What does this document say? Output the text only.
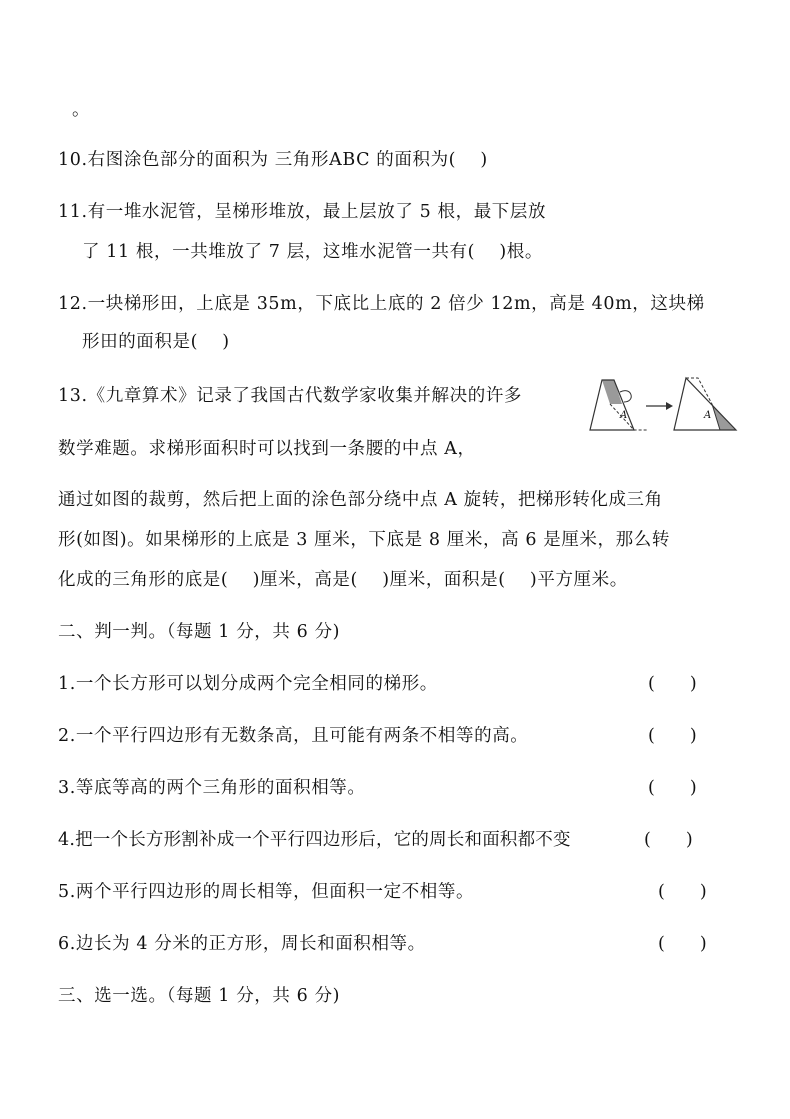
。
10.右图涂色部分的面积为 三角形ABC 的面积为(　 )
11.有一堆水泥管，呈梯形堆放，最上层放了 5 根，最下层放
了 11 根，一共堆放了 7 层，这堆水泥管一共有(　 )根。
12.一块梯形田，上底是 35m，下底比上底的 2 倍少 12m，高是 40m，这块梯
形田的面积是(　 )
13.《九章算术》记录了我国古代数学家收集并解决的许多
数学难题。求梯形面积时可以找到一条腰的中点 A，
通过如图的裁剪，然后把上面的涂色部分绕中点 A 旋转，把梯形转化成三角
形(如图)。如果梯形的上底是 3 厘米，下底是 8 厘米，高 6 是厘米，那么转
化成的三角形的底是(　 )厘米，高是(　 )厘米，面积是(　 )平方厘米。
A	A
二、判一判。（每题 1 分，共 6 分)
1.一个长方形可以划分成两个完全相同的梯形。	(　　)
2.一个平行四边形有无数条高，且可能有两条不相等的高。	(　　)
3.等底等高的两个三角形的面积相等。	(　　)
4.把一个长方形割补成一个平行四边形后，它的周长和面积都不变	(　　)
5.两个平行四边形的周长相等，但面积一定不相等。	(　　)
6.边长为 4 分米的正方形，周长和面积相等。	(　　)
三、选一选。（每题 1 分，共 6 分)
